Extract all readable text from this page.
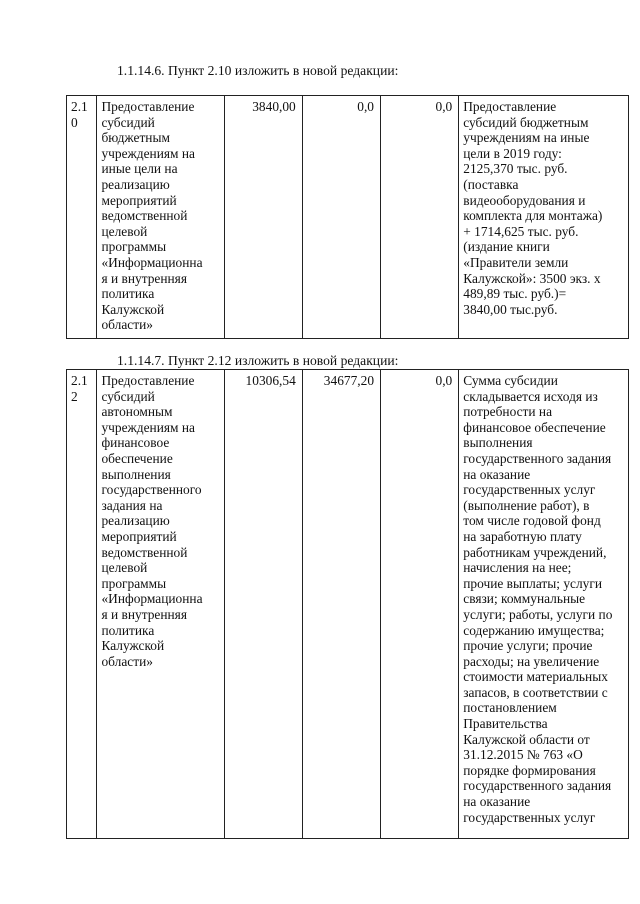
1.1.14.6. Пункт 2.10 изложить в новой редакции:
2.10	Предоставление
субсидий
бюджетным
учреждениям на
иные цели на
реализацию
мероприятий
ведомственной
целевой
программы
«Информационна
я и внутренняя
политика
Калужской
области»	3840,00	0,0	0,0	Предоставление
субсидий бюджетным
учреждениям на иные
цели в 2019 году:
2125,370 тыс. руб.
(поставка
видеооборудования и
комплекта для монтажа)
+ 1714,625 тыс. руб.
(издание книги
«Правители земли
Калужской»: 3500 экз. х
489,89 тыс. руб.)=
3840,00 тыс.руб.
1.1.14.7. Пункт 2.12 изложить в новой редакции:
2.12	Предоставление
субсидий
автономным
учреждениям на
финансовое
обеспечение
выполнения
государственного
задания на
реализацию
мероприятий
ведомственной
целевой
программы
«Информационна
я и внутренняя
политика
Калужской
области»	10306,54	34677,20	0,0	Сумма субсидии
складывается исходя из
потребности на
финансовое обеспечение
выполнения
государственного задания
на оказание
государственных услуг
(выполнение работ), в
том числе годовой фонд
на заработную плату
работникам учреждений,
начисления на нее;
прочие выплаты; услуги
связи; коммунальные
услуги; работы, услуги по
содержанию имущества;
прочие услуги; прочие
расходы; на увеличение
стоимости материальных
запасов, в соответствии с
постановлением
Правительства
Калужской области от
31.12.2015 № 763 «О
порядке формирования
государственного задания
на оказание
государственных услуг
